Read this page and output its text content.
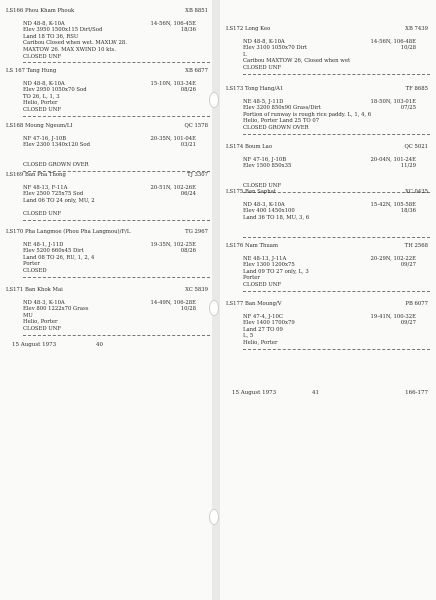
LS166 Phou Kham Phouk	XB 8851
14-56N, 106-45E
18/36
ND 48-8, K-10A
Elev 3950 1500x115 Dirt/Sod
Land 18 TO 36, RSU
Caribou Closed when wet. MAXLW 28.
MAXTOW 26. MAX XWIND 10 kts.
CLOSED UNF
LS 167 Tang Hung	XB 6877
15-10N, 103-34E
08/26
ND 48-8, K-10A
Elev 2950 1050x70 Sod
TO 26, L, 1, 3
Helio, Porter
CLOSED UNF
LS168 Moung Ngeum/LI	QC 1578
20-35N, 101-04E
03/21
NF 47-16, J-10B
Elev 2300 1340x120 Sod

CLOSED GROWN OVER
LS169 Ban Pha Thong	TJ 3307
20-51N, 102-26E
06/24
NF 48-13, F-11A
Elev 2500 725x75 Sod
Land 06 TO 24 only, MU, 2

CLOSED UNF
LS170 Pha Langmoe (Phou Pha Langmou)/F/L	TG 2967
19-35N, 102-25E
08/26
NE 48-1, J-11D
Elev 5200 660x45 Dirt
Land 08 TO 26, RU, 1, 2, 4
Porter
CLOSED
LS171 Ban Khok Mai	XC 5839
14-49N, 106-28E
10/28
ND 48-3, K-10A
Elev 800 1222x70 Grass
MU
Helio, Porter
CLOSED UNF
15 August 1973	40
LS172 Long Keo	XB 7439
14-56N, 106-48E
10/28
ND 48-8, K-10A
Elev 3100 1050x70 Dirt
L
Caribou MAXTOW 26, Closed when wet
CLOSED UNF
LS173 Tong Hang/A1	TF 8685
18-50N, 103-01E
07/25
NE 48-5, J-11D
Elev 3200 850x90 Grass/Dirt
Portion of runway is rough rice paddy. L, 1, 4, 6
Helio, Porter Land 25 TO 07
CLOSED GROWN OVER
LS174 Boum Lao	QC 5021
20-04N, 101-24E
11/29
NF 47-16, J-10B
Elev 1500 850x35

CLOSED UNF
LS175 Ban Saphat	XC 0435
15-42N, 105-58E
18/36
ND 48-3, K-10A
Elev 400 1450x100
Land 36 TO 18, MU, 3, 6

LS176 Nam Thuam	TH 2568
20-29N, 102-22E
09/27
NE 48-13, J-11A
Elev 1300 1200x75
Land 09 TO 27 only, L, 3
Porter
CLOSED UNF
LS177 Ban Moung/V	PB 6077
19-41N, 100-32E
09/27
NF 47-4, J-10C
Elev 1400 1700x79
Land 27 TO 09
L, 5
Helio, Porter
15 August 1973	41	166-177
